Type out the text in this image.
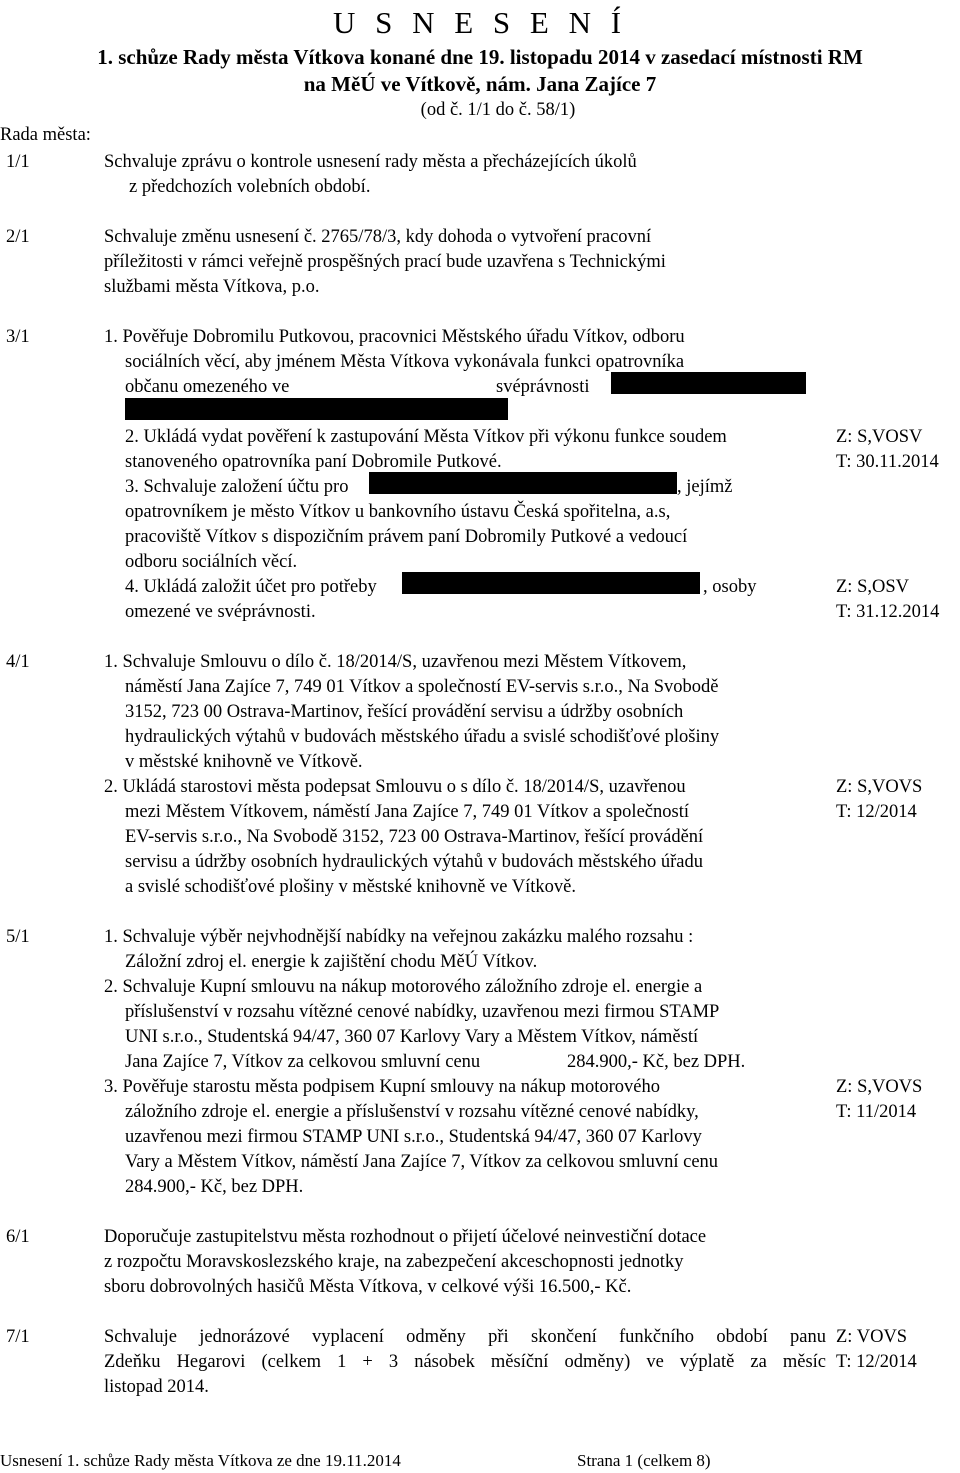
U S N E S E N Í
1. schůze Rady města Vítkova konané dne 19. listopadu 2014 v zasedací místnosti RM
na MěÚ ve Vítkově, nám. Jana Zajíce 7
(od č. 1/1 do č. 58/1)
Rada města:
1/1	Schvaluje zprávu o kontrole usnesení rady města a přecházejících úkolů
z předchozích volebních období.
2/1	Schvaluje změnu usnesení č. 2765/78/3, kdy dohoda o vytvoření pracovní
příležitosti v rámci veřejně prospěšných prací bude uzavřena s Technickými
službami města Vítkova, p.o.
3/1	1. Pověřuje Dobromilu Putkovou, pracovnici Městského úřadu Vítkov, odboru
sociálních věcí, aby jménem Města Vítkova vykonávala funkci opatrovníka
občanu omezeného ve	svéprávnosti
2. Ukládá vydat pověření k zastupování Města Vítkov při výkonu funkce soudem
stanoveného opatrovníka paní Dobromile Putkové.
Z: S,VOSV
T: 30.11.2014
3. Schvaluje založení účtu pro	, jejímž
opatrovníkem je město Vítkov u bankovního ústavu Česká spořitelna, a.s,
pracoviště Vítkov s dispozičním právem paní Dobromily Putkové a vedoucí
odboru sociálních věcí.
4. Ukládá založit účet pro potřeby	, osoby
omezené ve svéprávnosti.
Z: S,OSV
T: 31.12.2014
4/1	1. Schvaluje Smlouvu o dílo č. 18/2014/S, uzavřenou mezi Městem Vítkovem,
náměstí Jana Zajíce 7, 749 01 Vítkov a společností EV-servis s.r.o., Na Svobodě
3152, 723 00 Ostrava-Martinov, řešící provádění servisu a údržby osobních
hydraulických výtahů v budovách městského úřadu a svislé schodišťové plošiny
v městské knihovně ve Vítkově.
2. Ukládá starostovi města podepsat Smlouvu o s dílo č. 18/2014/S, uzavřenou
mezi Městem Vítkovem, náměstí Jana Zajíce 7, 749 01 Vítkov a společností
EV-servis s.r.o., Na Svobodě 3152, 723 00 Ostrava-Martinov, řešící provádění
servisu a údržby osobních hydraulických výtahů v budovách městského úřadu
a svislé schodišťové plošiny v městské knihovně ve Vítkově.
Z: S,VOVS
T: 12/2014
5/1	1. Schvaluje výběr nejvhodnější nabídky na veřejnou zakázku malého rozsahu :
Záložní zdroj el. energie k zajištění chodu MěÚ Vítkov.
2. Schvaluje Kupní smlouvu na nákup motorového záložního zdroje el. energie a
příslušenství v rozsahu vítězné cenové nabídky, uzavřenou mezi firmou STAMP
UNI s.r.o., Studentská 94/47, 360 07 Karlovy Vary a Městem Vítkov, náměstí
Jana Zajíce 7, Vítkov za celkovou smluvní cenu	284.900,- Kč, bez DPH.
3. Pověřuje starostu města podpisem Kupní smlouvy na nákup motorového
záložního zdroje el. energie a příslušenství v rozsahu vítězné cenové nabídky,
uzavřenou mezi firmou STAMP UNI s.r.o., Studentská 94/47, 360 07 Karlovy
Vary a Městem Vítkov, náměstí Jana Zajíce 7, Vítkov za celkovou smluvní cenu
284.900,- Kč, bez DPH.
Z: S,VOVS
T: 11/2014
6/1	Doporučuje zastupitelstvu města rozhodnout o přijetí účelové neinvestiční dotace
z rozpočtu Moravskoslezského kraje, na zabezpečení akceschopnosti jednotky
sboru dobrovolných hasičů Města Vítkova, v celkové výši 16.500,- Kč.
7/1	Schvaluje jednorázové vyplacení odměny při skončení funkčního období panu
Zdeňku Hegarovi (celkem 1 + 3 násobek měsíční odměny) ve výplatě za měsíc
listopad 2014.
Z: VOVS
T: 12/2014
Usnesení 1. schůze Rady města Vítkova ze dne 19.11.2014	Strana 1 (celkem 8)
